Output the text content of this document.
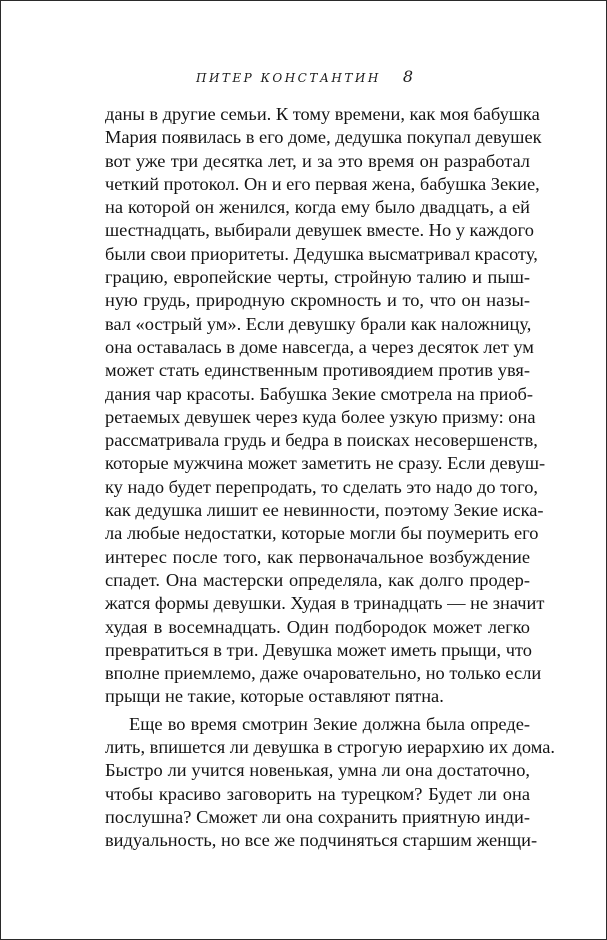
ПИТЕР КОНСТАНТИН 8
даны в другие семьи. К тому времени, как моя бабушка
Мария появилась в его доме, дедушка покупал девушек
вот уже три десятка лет, и за это время он разработал
четкий протокол. Он и его первая жена, бабушка Зекие,
на которой он женился, когда ему было двадцать, а ей
шестнадцать, выбирали девушек вместе. Но у каждого
были свои приоритеты. Дедушка высматривал красоту,
грацию, европейские черты, стройную талию и пыш-
ную грудь, природную скромность и то, что он назы-
вал «острый ум». Если девушку брали как наложницу,
она оставалась в доме навсегда, а через десяток лет ум
может стать единственным противоядием против увя-
дания чар красоты. Бабушка Зекие смотрела на приоб-
ретаемых девушек через куда более узкую призму: она
рассматривала грудь и бедра в поисках несовершенств,
которые мужчина может заметить не сразу. Если девуш-
ку надо будет перепродать, то сделать это надо до того,
как дедушка лишит ее невинности, поэтому Зекие иска-
ла любые недостатки, которые могли бы поумерить его
интерес после того, как первоначальное возбуждение
спадет. Она мастерски определяла, как долго продер-
жатся формы девушки. Худая в тринадцать — не значит
худая в восемнадцать. Один подбородок может легко
превратиться в три. Девушка может иметь прыщи, что
вполне приемлемо, даже очаровательно, но только если
прыщи не такие, которые оставляют пятна.
Еще во время смотрин Зекие должна была опреде-
лить, впишется ли девушка в строгую иерархию их дома.
Быстро ли учится новенькая, умна ли она достаточно,
чтобы красиво заговорить на турецком? Будет ли она
послушна? Сможет ли она сохранить приятную инди-
видуальность, но все же подчиняться старшим женщи-
